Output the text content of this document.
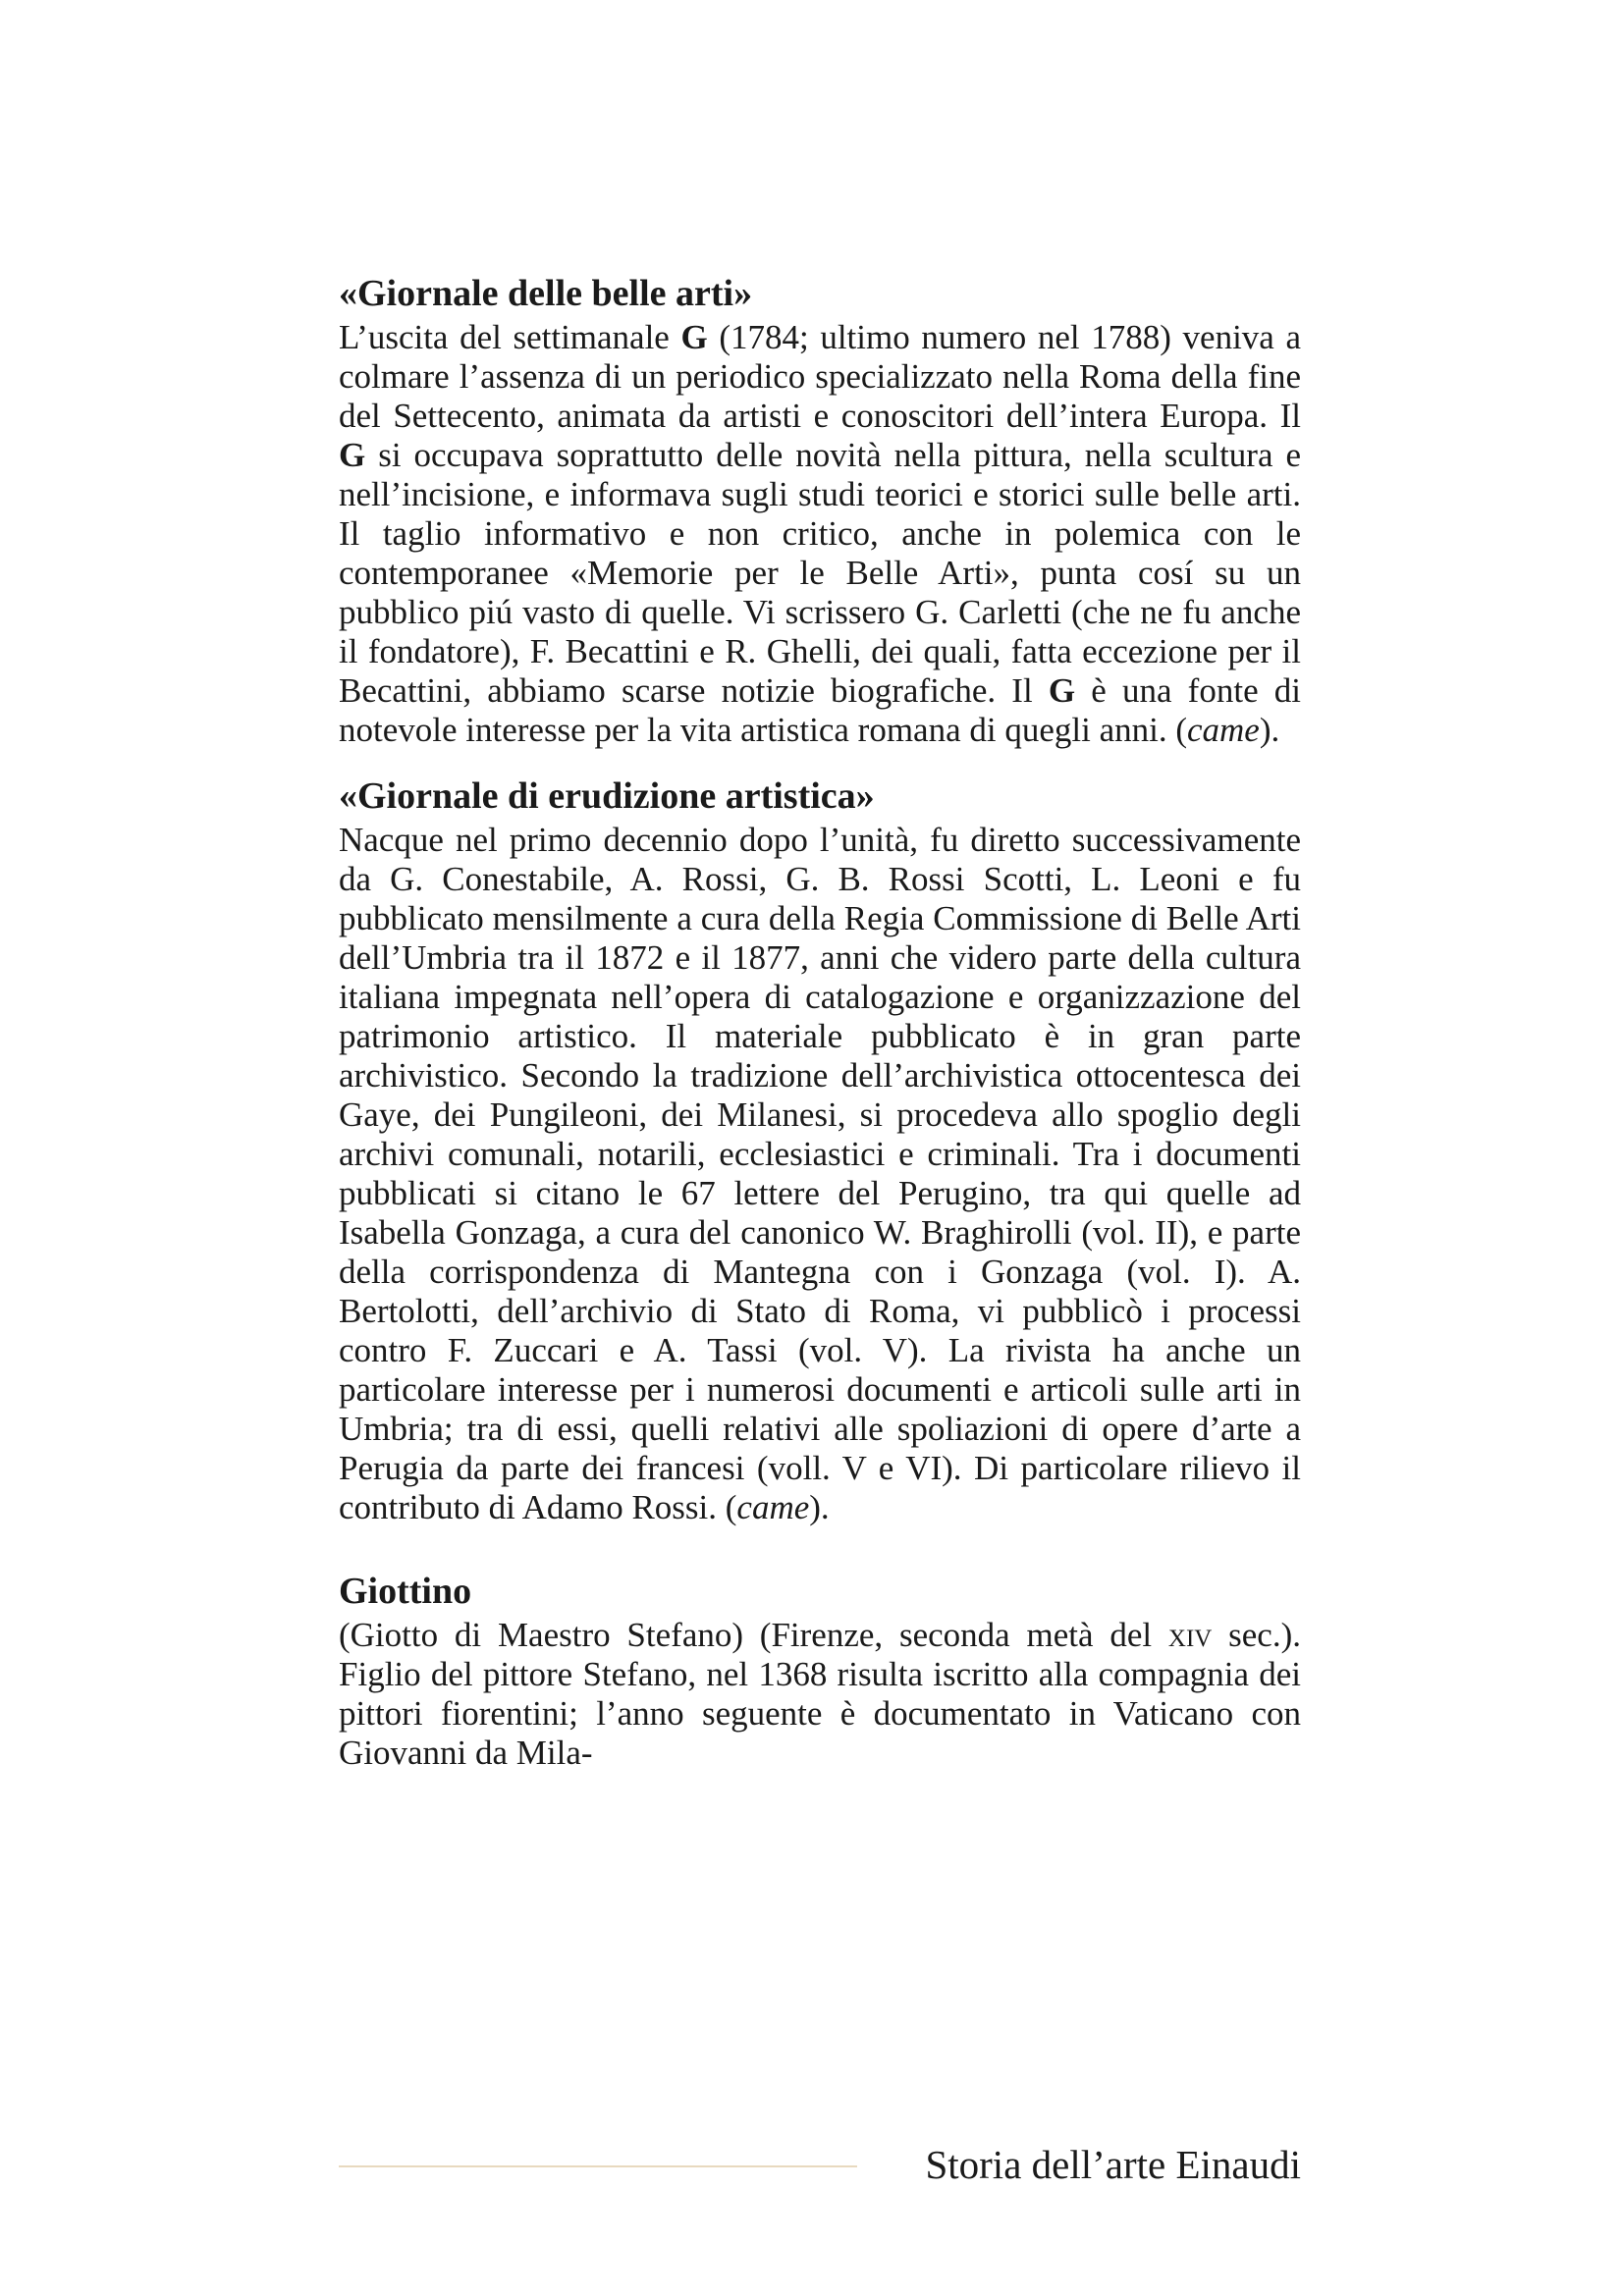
«Giornale delle belle arti»

L’uscita del settimanale G (1784; ultimo numero nel 1788) veniva a colmare l’assenza di un periodico specializzato nella Roma della fine del Settecento, animata da artisti e conoscitori dell’intera Europa. Il G si occupava soprattutto delle novità nella pittura, nella scultura e nell’incisione, e informava sugli studi teorici e storici sulle belle arti. Il taglio informativo e non critico, anche in polemica con le contemporanee «Memorie per le Belle Arti», punta cosí su un pubblico piú vasto di quelle. Vi scrissero G. Carletti (che ne fu anche il fondatore), F. Becattini e R. Ghelli, dei quali, fatta eccezione per il Becattini, abbiamo scarse notizie biografiche. Il G è una fonte di notevole interesse per la vita artistica romana di quegli anni. (came).

«Giornale di erudizione artistica»

Nacque nel primo decennio dopo l’unità, fu diretto successivamente da G. Conestabile, A. Rossi, G. B. Rossi Scotti, L. Leoni e fu pubblicato mensilmente a cura della Regia Commissione di Belle Arti dell’Umbria tra il 1872 e il 1877, anni che videro parte della cultura italiana impegnata nell’opera di catalogazione e organizzazione del patrimonio artistico. Il materiale pubblicato è in gran parte archivistico. Secondo la tradizione dell’archivistica ottocentesca dei Gaye, dei Pungileoni, dei Milanesi, si procedeva allo spoglio degli archivi comunali, notarili, ecclesiastici e criminali. Tra i documenti pubblicati si citano le 67 lettere del Perugino, tra qui quelle ad Isabella Gonzaga, a cura del canonico W. Braghirolli (vol. II), e parte della corrispondenza di Mantegna con i Gonzaga (vol. I). A. Bertolotti, dell’archivio di Stato di Roma, vi pubblicò i processi contro F. Zuccari e A. Tassi (vol. V). La rivista ha anche un particolare interesse per i numerosi documenti e articoli sulle arti in Umbria; tra di essi, quelli relativi alle spoliazioni di opere d’arte a Perugia da parte dei francesi (voll. V e VI). Di particolare rilievo il contributo di Adamo Rossi. (came).

Giottino

(Giotto di Maestro Stefano) (Firenze, seconda metà del xiv sec.). Figlio del pittore Stefano, nel 1368 risulta iscritto alla compagnia dei pittori fiorentini; l’anno seguente è documentato in Vaticano con Giovanni da Mila-

Storia dell’arte Einaudi
